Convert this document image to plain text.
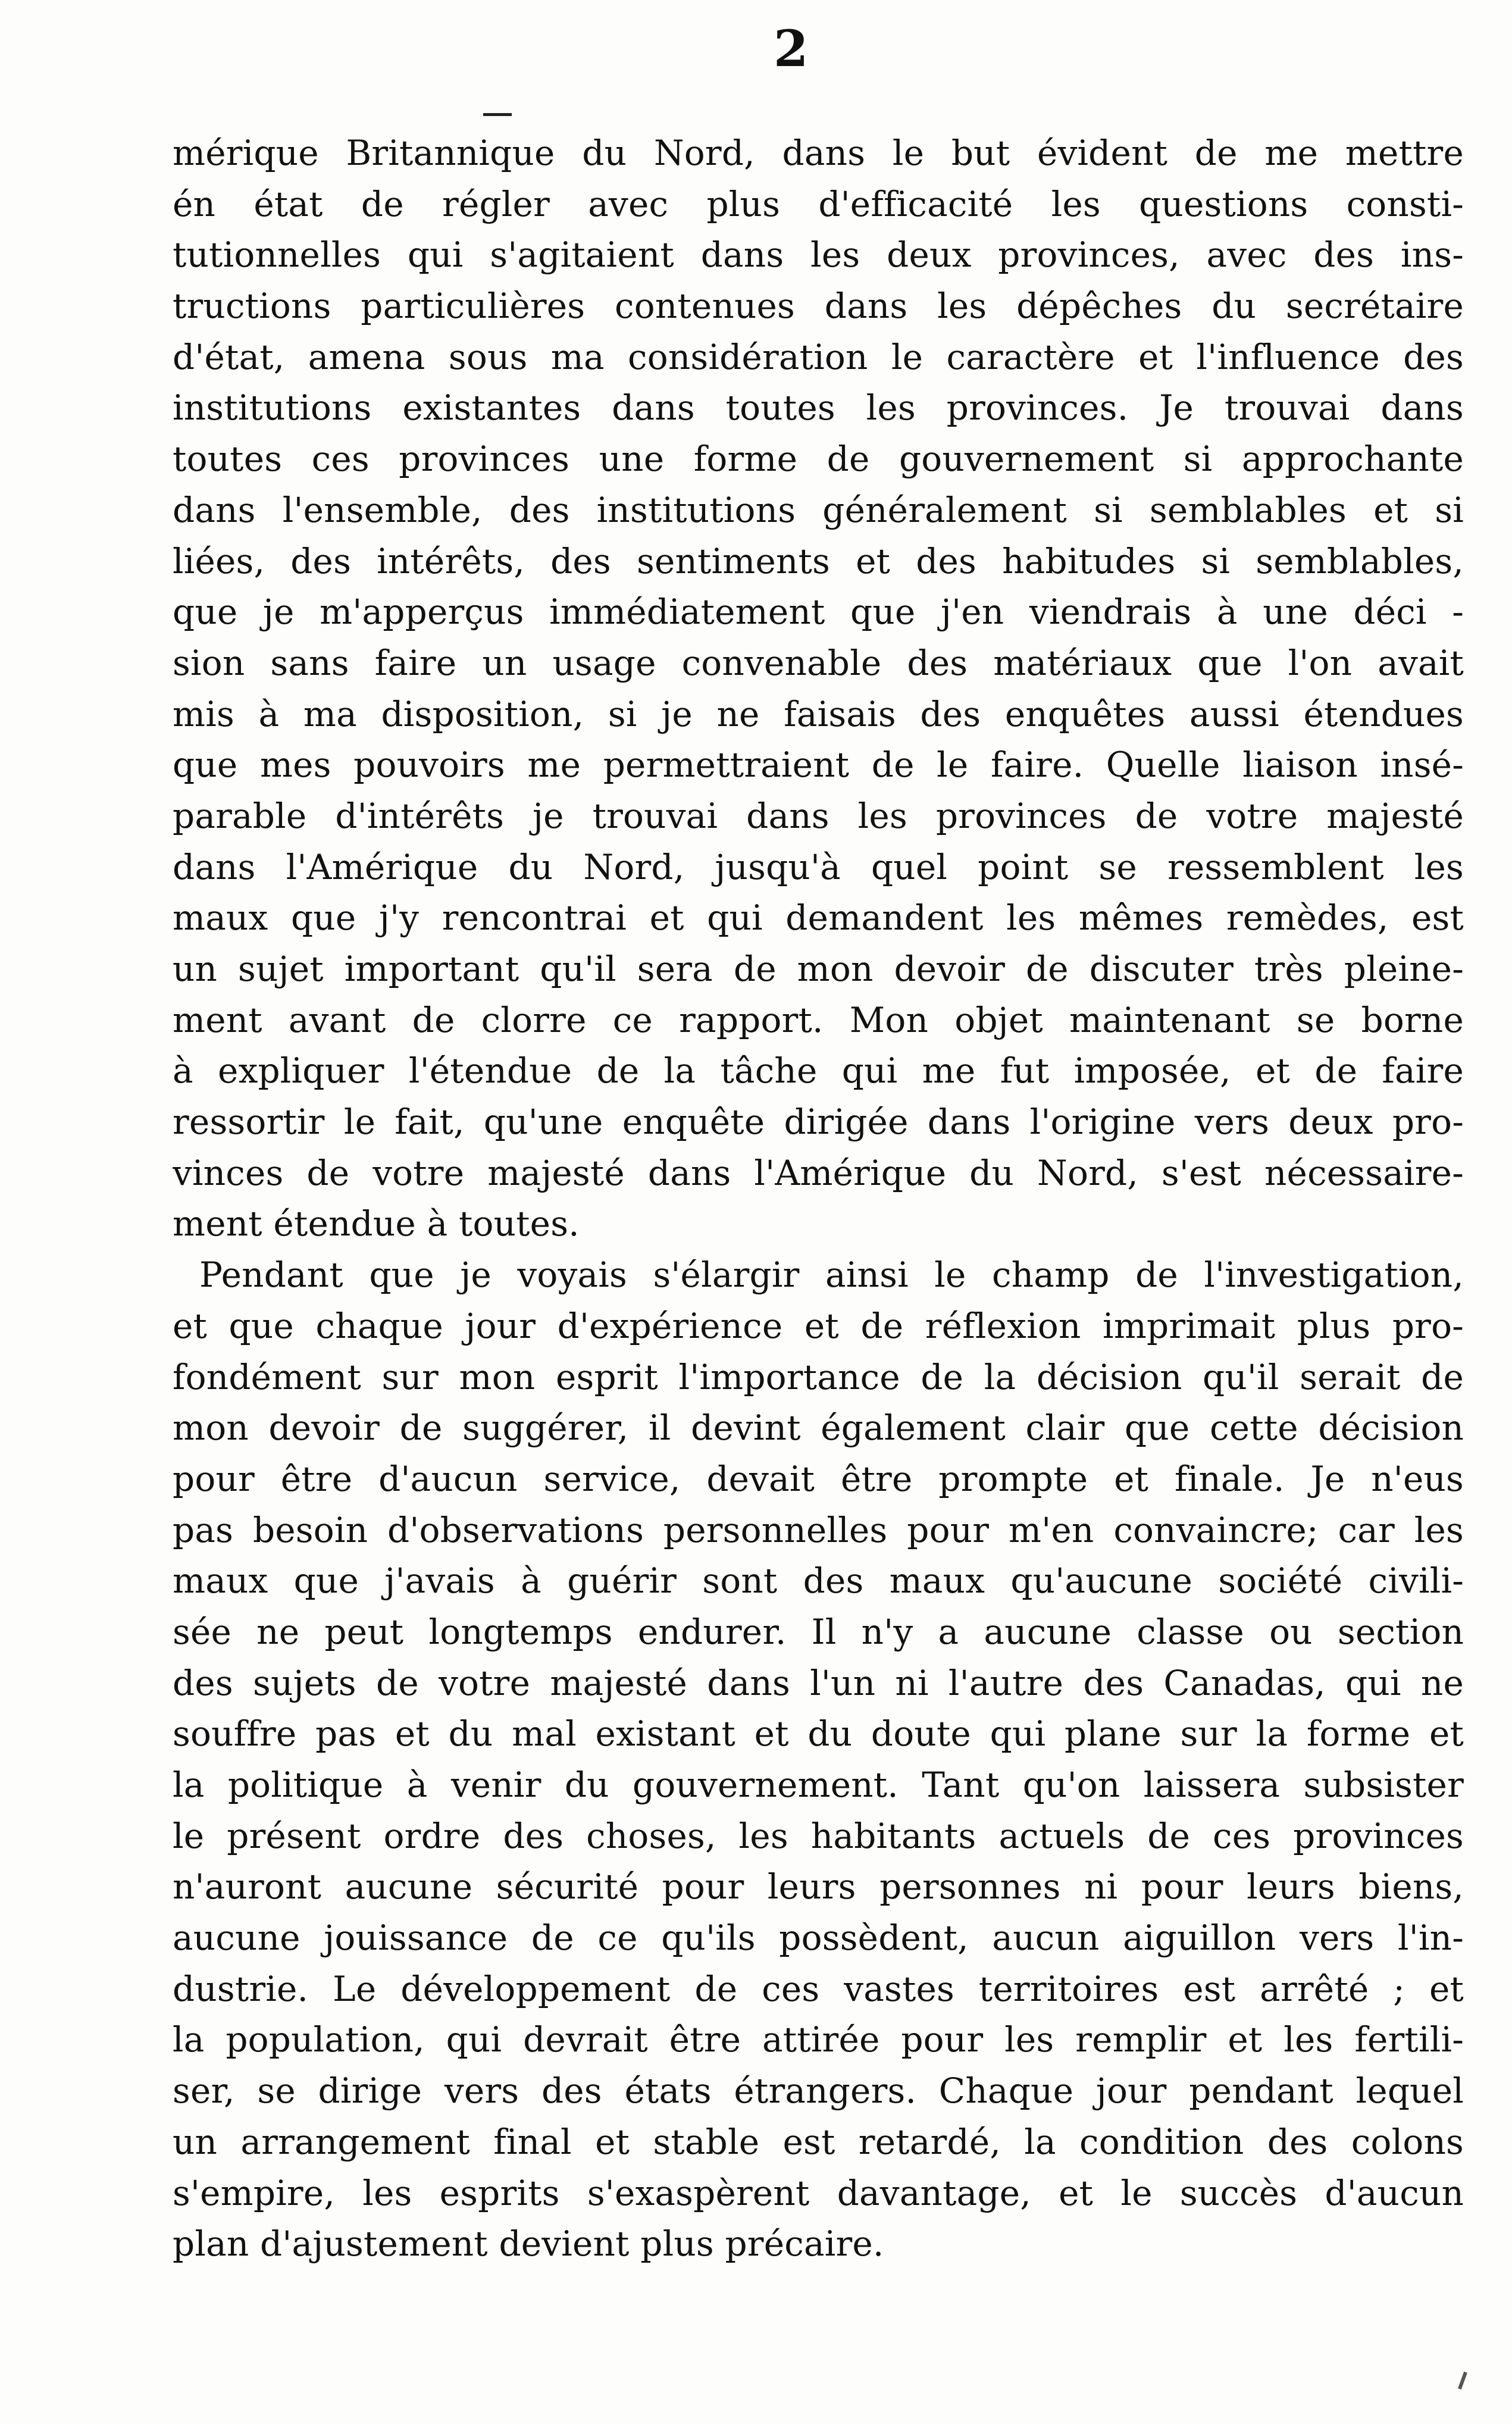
2
mérique Britannique du Nord, dans le but évident de me mettre
én état de régler avec plus d'efficacité les questions consti-
tutionnelles qui s'agitaient dans les deux provinces, avec des ins-
tructions particulières contenues dans les dépêches du secrétaire
d'état, amena sous ma considération le caractère et l'influence des
institutions existantes dans toutes les provinces. Je trouvai dans
toutes ces provinces une forme de gouvernement si approchante
dans l'ensemble, des institutions généralement si semblables et si
liées, des intérêts, des sentiments et des habitudes si semblables,
que je m'apperçus immédiatement que j'en viendrais à une déci -
sion sans faire un usage convenable des matériaux que l'on avait
mis à ma disposition, si je ne faisais des enquêtes aussi étendues
que mes pouvoirs me permettraient de le faire. Quelle liaison insé-
parable d'intérêts je trouvai dans les provinces de votre majesté
dans l'Amérique du Nord, jusqu'à quel point se ressemblent les
maux que j'y rencontrai et qui demandent les mêmes remèdes, est
un sujet important qu'il sera de mon devoir de discuter très pleine-
ment avant de clorre ce rapport. Mon objet maintenant se borne
à expliquer l'étendue de la tâche qui me fut imposée, et de faire
ressortir le fait, qu'une enquête dirigée dans l'origine vers deux pro-
vinces de votre majesté dans l'Amérique du Nord, s'est nécessaire-
ment étendue à toutes.
Pendant que je voyais s'élargir ainsi le champ de l'investigation,
et que chaque jour d'expérience et de réflexion imprimait plus pro-
fondément sur mon esprit l'importance de la décision qu'il serait de
mon devoir de suggérer, il devint également clair que cette décision
pour être d'aucun service, devait être prompte et finale. Je n'eus
pas besoin d'observations personnelles pour m'en convaincre; car les
maux que j'avais à guérir sont des maux qu'aucune société civili-
sée ne peut longtemps endurer. Il n'y a aucune classe ou section
des sujets de votre majesté dans l'un ni l'autre des Canadas, qui ne
souffre pas et du mal existant et du doute qui plane sur la forme et
la politique à venir du gouvernement. Tant qu'on laissera subsister
le présent ordre des choses, les habitants actuels de ces provinces
n'auront aucune sécurité pour leurs personnes ni pour leurs biens,
aucune jouissance de ce qu'ils possèdent, aucun aiguillon vers l'in-
dustrie. Le développement de ces vastes territoires est arrêté ; et
la population, qui devrait être attirée pour les remplir et les fertili-
ser, se dirige vers des états étrangers. Chaque jour pendant lequel
un arrangement final et stable est retardé, la condition des colons
s'empire, les esprits s'exaspèrent davantage, et le succès d'aucun
plan d'ajustement devient plus précaire.
